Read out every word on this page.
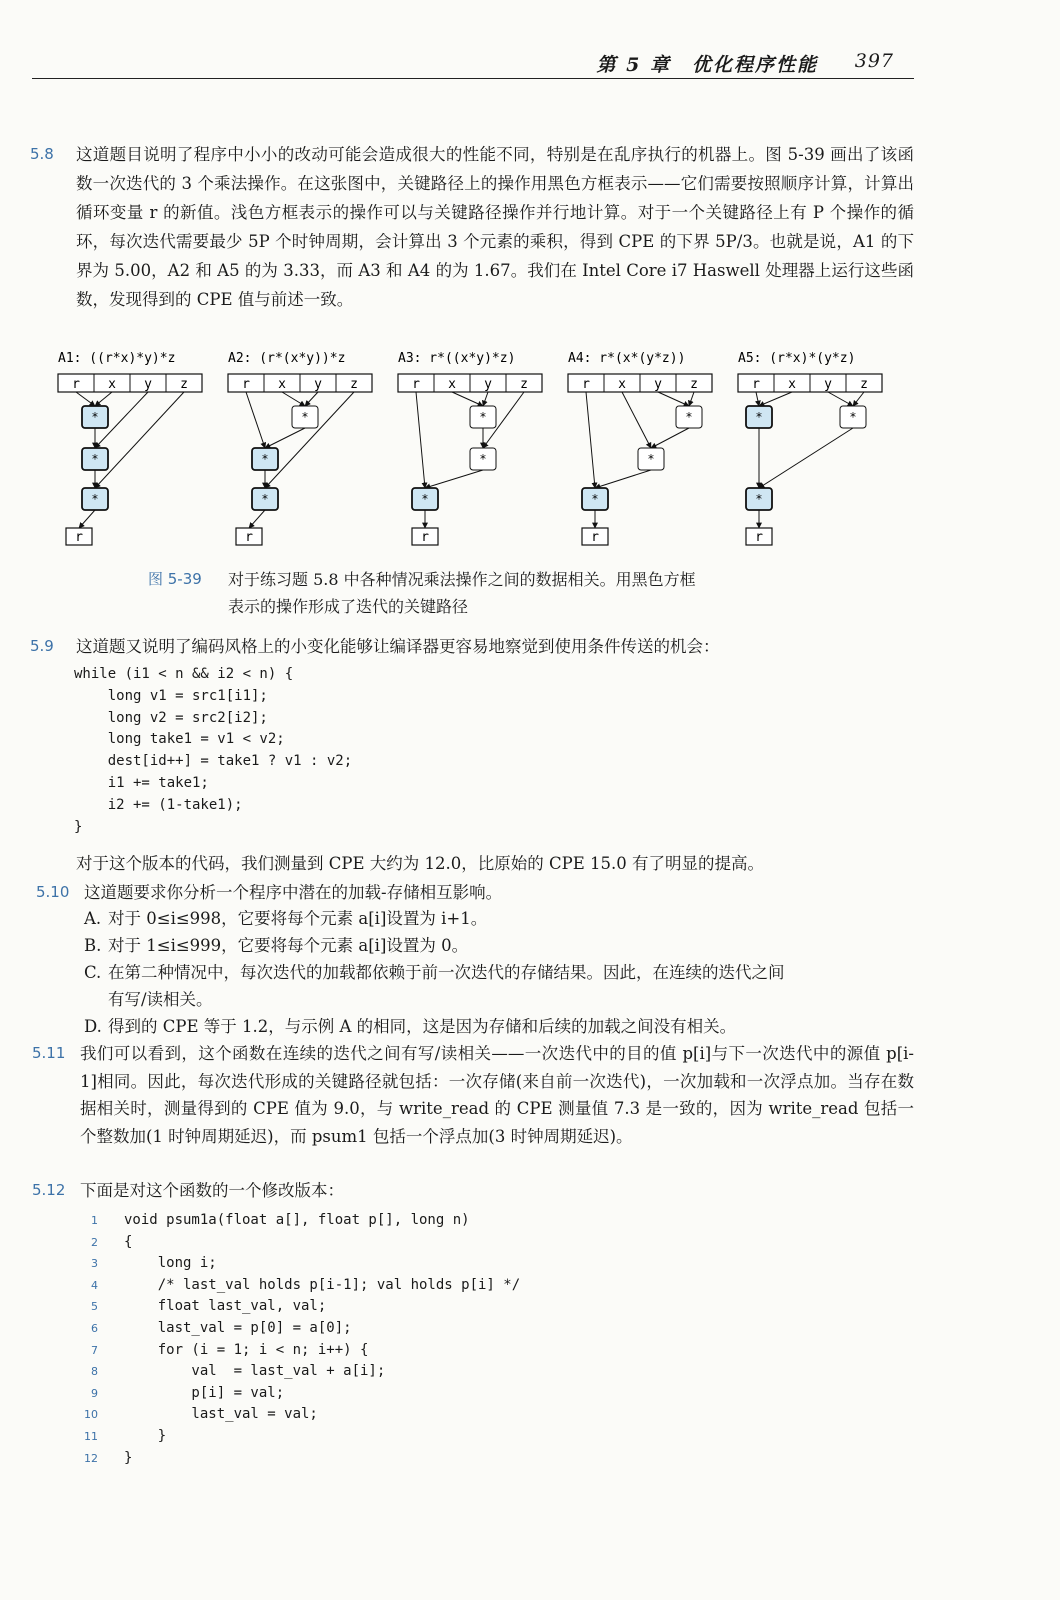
第 5 章　优化程序性能 397
5.8 这道题目说明了程序中小小的改动可能会造成很大的性能不同，特别是在乱序执行的机器上。图 5-39 画出了该函数一次迭代的 3 个乘法操作。在这张图中，关键路径上的操作用黑色方框表示——它们需要按照顺序计算，计算出循环变量 r 的新值。浅色方框表示的操作可以与关键路径操作并行地计算。对于一个关键路径上有 P 个操作的循环，每次迭代需要最少 5P 个时钟周期，会计算出 3 个元素的乘积，得到 CPE 的下界 5P/3。也就是说，A1 的下界为 5.00，A2 和 A5 的为 3.33，而 A3 和 A4 的为 1.67。我们在 Intel Core i7 Haswell 处理器上运行这些函数，发现得到的 CPE 值与前述一致。
A1: ((r*x)*y)*z
r x y z
*
*
*
r
A2: (r*(x*y))*z
r x y z
*
*
*
r
A3: r*((x*y)*z)
r x y z
*
*
*
r
A4: r*(x*(y*z))
r x y z
*
*
*
r
A5: (r*x)*(y*z)
r x y z
*	*
*
r
图 5-39 对于练习题 5.8 中各种情况乘法操作之间的数据相关。用黑色方框
表示的操作形成了迭代的关键路径
5.9 这道题又说明了编码风格上的小变化能够让编译器更容易地察觉到使用条件传送的机会：
while (i1 < n && i2 < n) {
long v1 = src1[i1];
long v2 = src2[i2];
long take1 = v1 < v2;
dest[id++] = take1 ? v1 : v2;
i1 += take1;
i2 += (1-take1);
}
对于这个版本的代码，我们测量到 CPE 大约为 12.0，比原始的 CPE 15.0 有了明显的提高。
5.10 这道题要求你分析一个程序中潜在的加载-存储相互影响。
A. 对于 0≤i≤998，它要将每个元素 a[i]设置为 i+1。
B. 对于 1≤i≤999，它要将每个元素 a[i]设置为 0。
C. 在第二种情况中，每次迭代的加载都依赖于前一次迭代的存储结果。因此，在连续的迭代之间
有写/读相关。
D. 得到的 CPE 等于 1.2，与示例 A 的相同，这是因为存储和后续的加载之间没有相关。
5.11 我们可以看到，这个函数在连续的迭代之间有写/读相关——一次迭代中的目的值 p[i]与下一次迭代中的源值 p[i- 1]相同。因此，每次迭代形成的关键路径就包括：一次存储(来自前一次迭代)，一次加载和一次浮点加。当存在数据相关时，测量得到的 CPE 值为 9.0，与 write_read 的 CPE 测量值 7.3 是一致的，因为 write_read 包括一个整数加(1 时钟周期延迟)，而 psum1 包括一个浮点加(3 时钟周期延迟)。
5.12 下面是对这个函数的一个修改版本：
1 void psum1a(float a[], float p[], long n)
2 {
3 long i;
4 /* last_val holds p[i-1]; val holds p[i] */
5 float last_val, val;
6 last_val = p[0] = a[0];
7 for (i = 1; i < n; i++) {
8 val  = last_val + a[i];
9 p[i] = val;
10 last_val = val;
11 }
12 }
